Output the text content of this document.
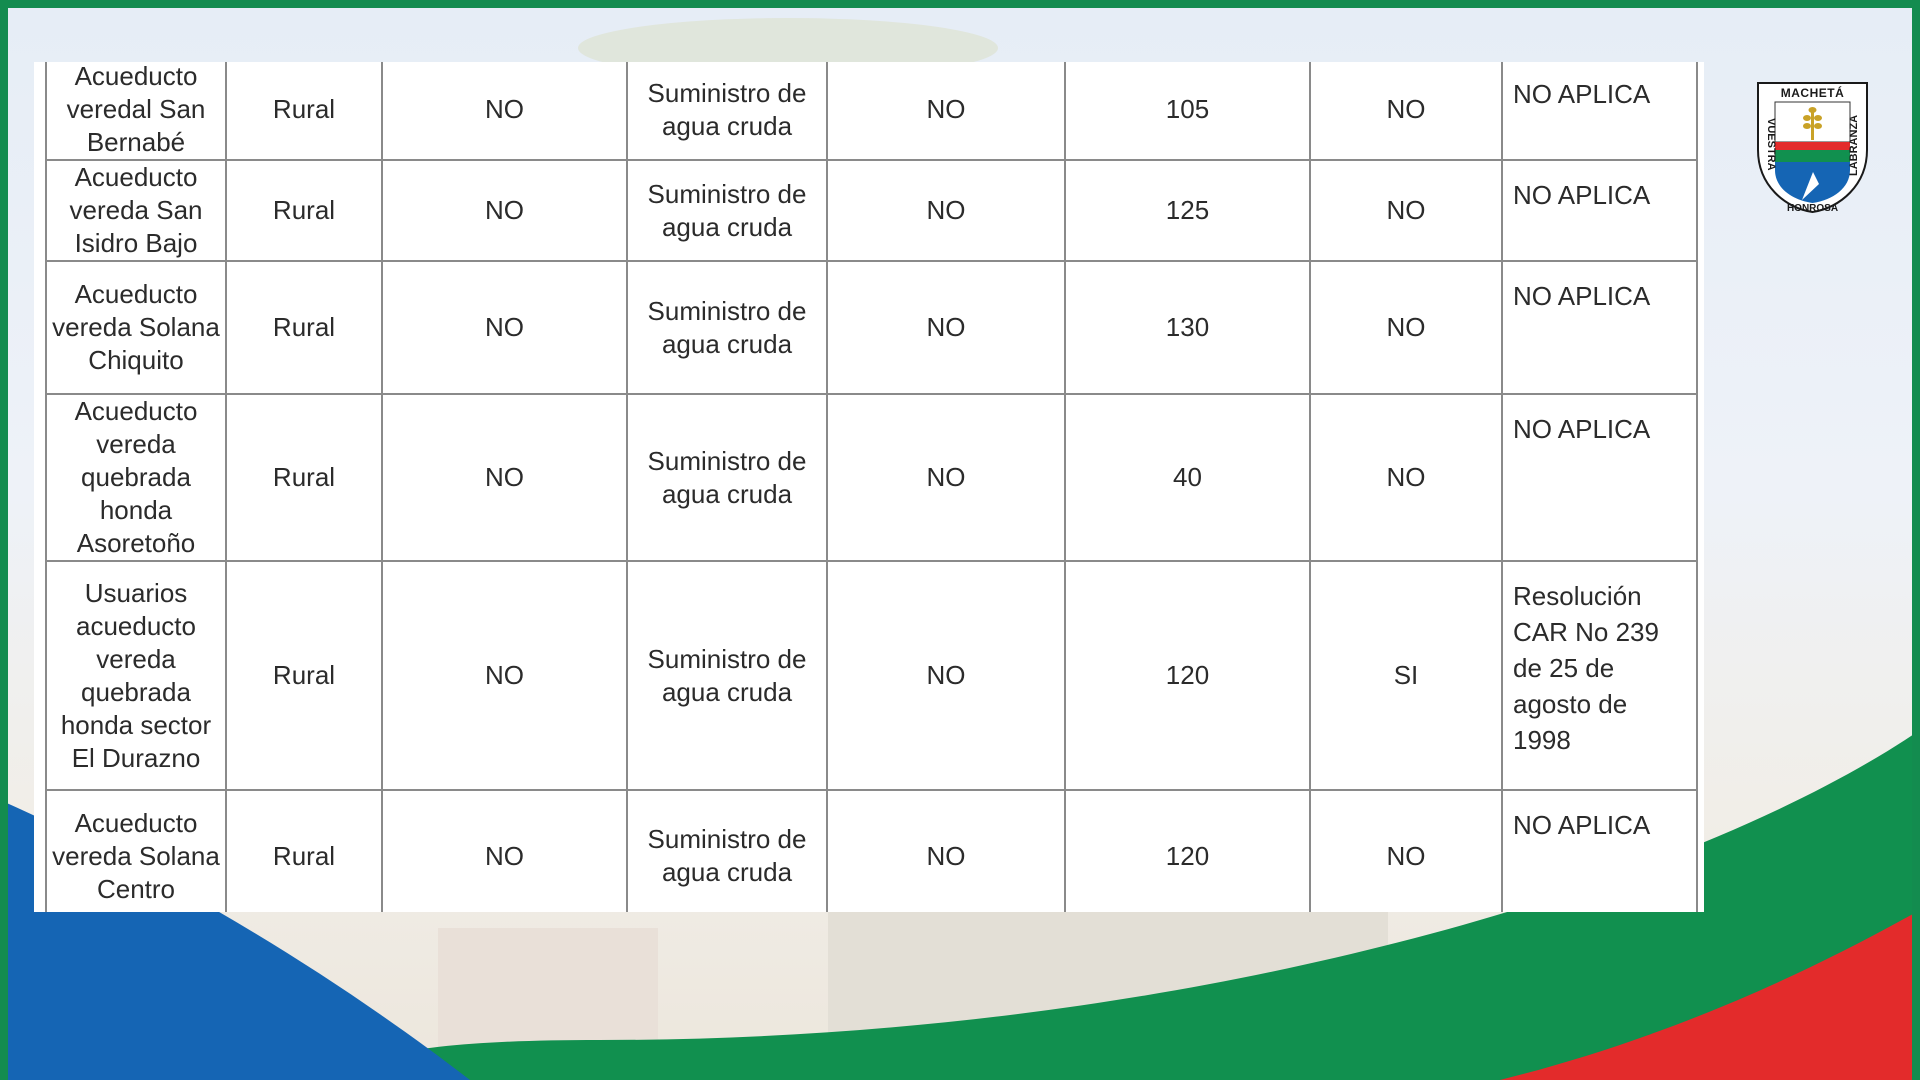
Acueducto veredal San Bernabé	Rural	NO	Suministro de agua cruda	NO	105	NO	NO APLICA
Acueducto vereda San Isidro Bajo	Rural	NO	Suministro de agua cruda	NO	125	NO	NO APLICA
Acueducto vereda Solana Chiquito	Rural	NO	Suministro de agua cruda	NO	130	NO	NO APLICA
Acueducto vereda quebrada honda Asoretoño	Rural	NO	Suministro de agua cruda	NO	40	NO	NO APLICA
Usuarios acueducto vereda quebrada honda sector El Durazno	Rural	NO	Suministro de agua cruda	NO	120	SI	Resolución CAR No 239 de 25 de agosto de 1998
Acueducto vereda Solana Centro	Rural	NO	Suministro de agua cruda	NO	120	NO	NO APLICA
VUESTRA	LABRANZA
HONROSA
MACHETÁ
